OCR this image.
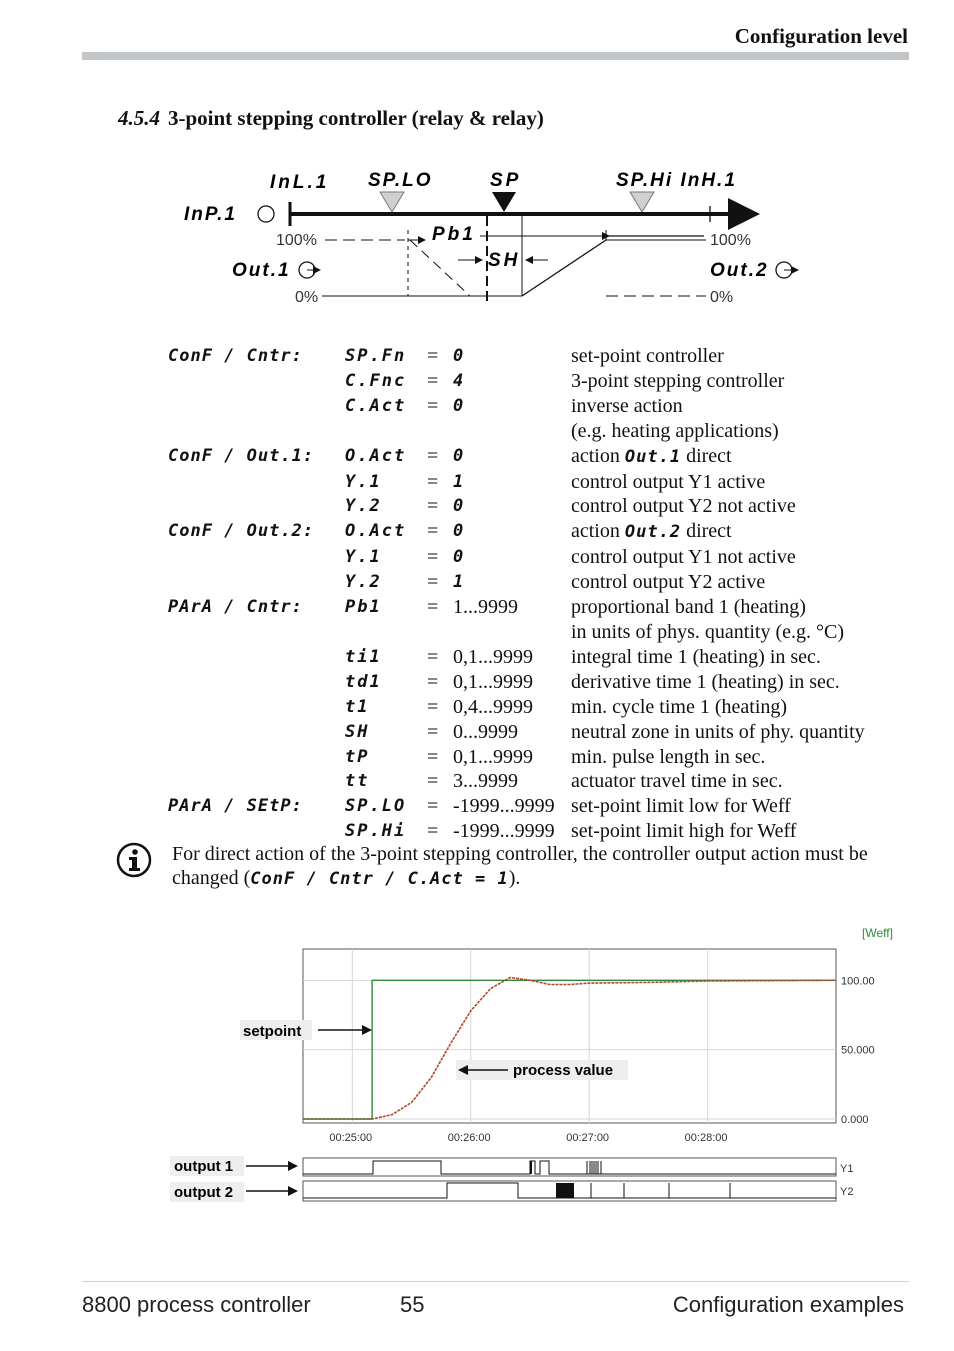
Configuration level
4.5.4 3-point stepping controller (relay & relay)
InL.1 SP.LO	SP	SP.Hi InH.1
InP.1
100%	Pb1	100%
SH
Out.1	Out.2
0%	0%
ConF / Cntr:	SP.Fn	=	0	set-point controller
	C.Fnc	=	4	3-point stepping controller
	C.Act	=	0	inverse action
				(e.g. heating applications)
ConF / Out.1:	O.Act	=	0	action Out.1 direct
	Y.1	=	1	control output Y1 active
	Y.2	=	0	control output Y2 not active
ConF / Out.2:	O.Act	=	0	action Out.2 direct
	Y.1	=	0	control output Y1 not active
	Y.2	=	1	control output Y2 active
PArA / Cntr:	Pb1	=	1...9999	proportional band 1 (heating)
				in units of phys. quantity (e.g. °C)
	ti1	=	0,1...9999	integral time 1 (heating) in sec.
	td1	=	0,1...9999	derivative time 1 (heating) in sec.
	t1	=	0,4...9999	min. cycle time 1 (heating)
	SH	=	0...9999	neutral zone in units of phy. quantity
	tP	=	0,1...9999	min. pulse length in sec.
	tt	=	3...9999	actuator travel time in sec.
PArA / SEtP:	SP.LO	=	-1999...9999	set-point limit low for Weff
	SP.Hi	=	-1999...9999	set-point limit high for Weff
For direct action of the 3-point stepping controller, the controller output action must be changed (ConF / Cntr / C.Act = 1).
[Weff]
100.00
50.000
0.000
00:25:00	00:26:00	00:27:00	00:28:00
setpoint
process value
output 1
output 2
Y1
Y2
8800 process controller	55	Configuration examples
